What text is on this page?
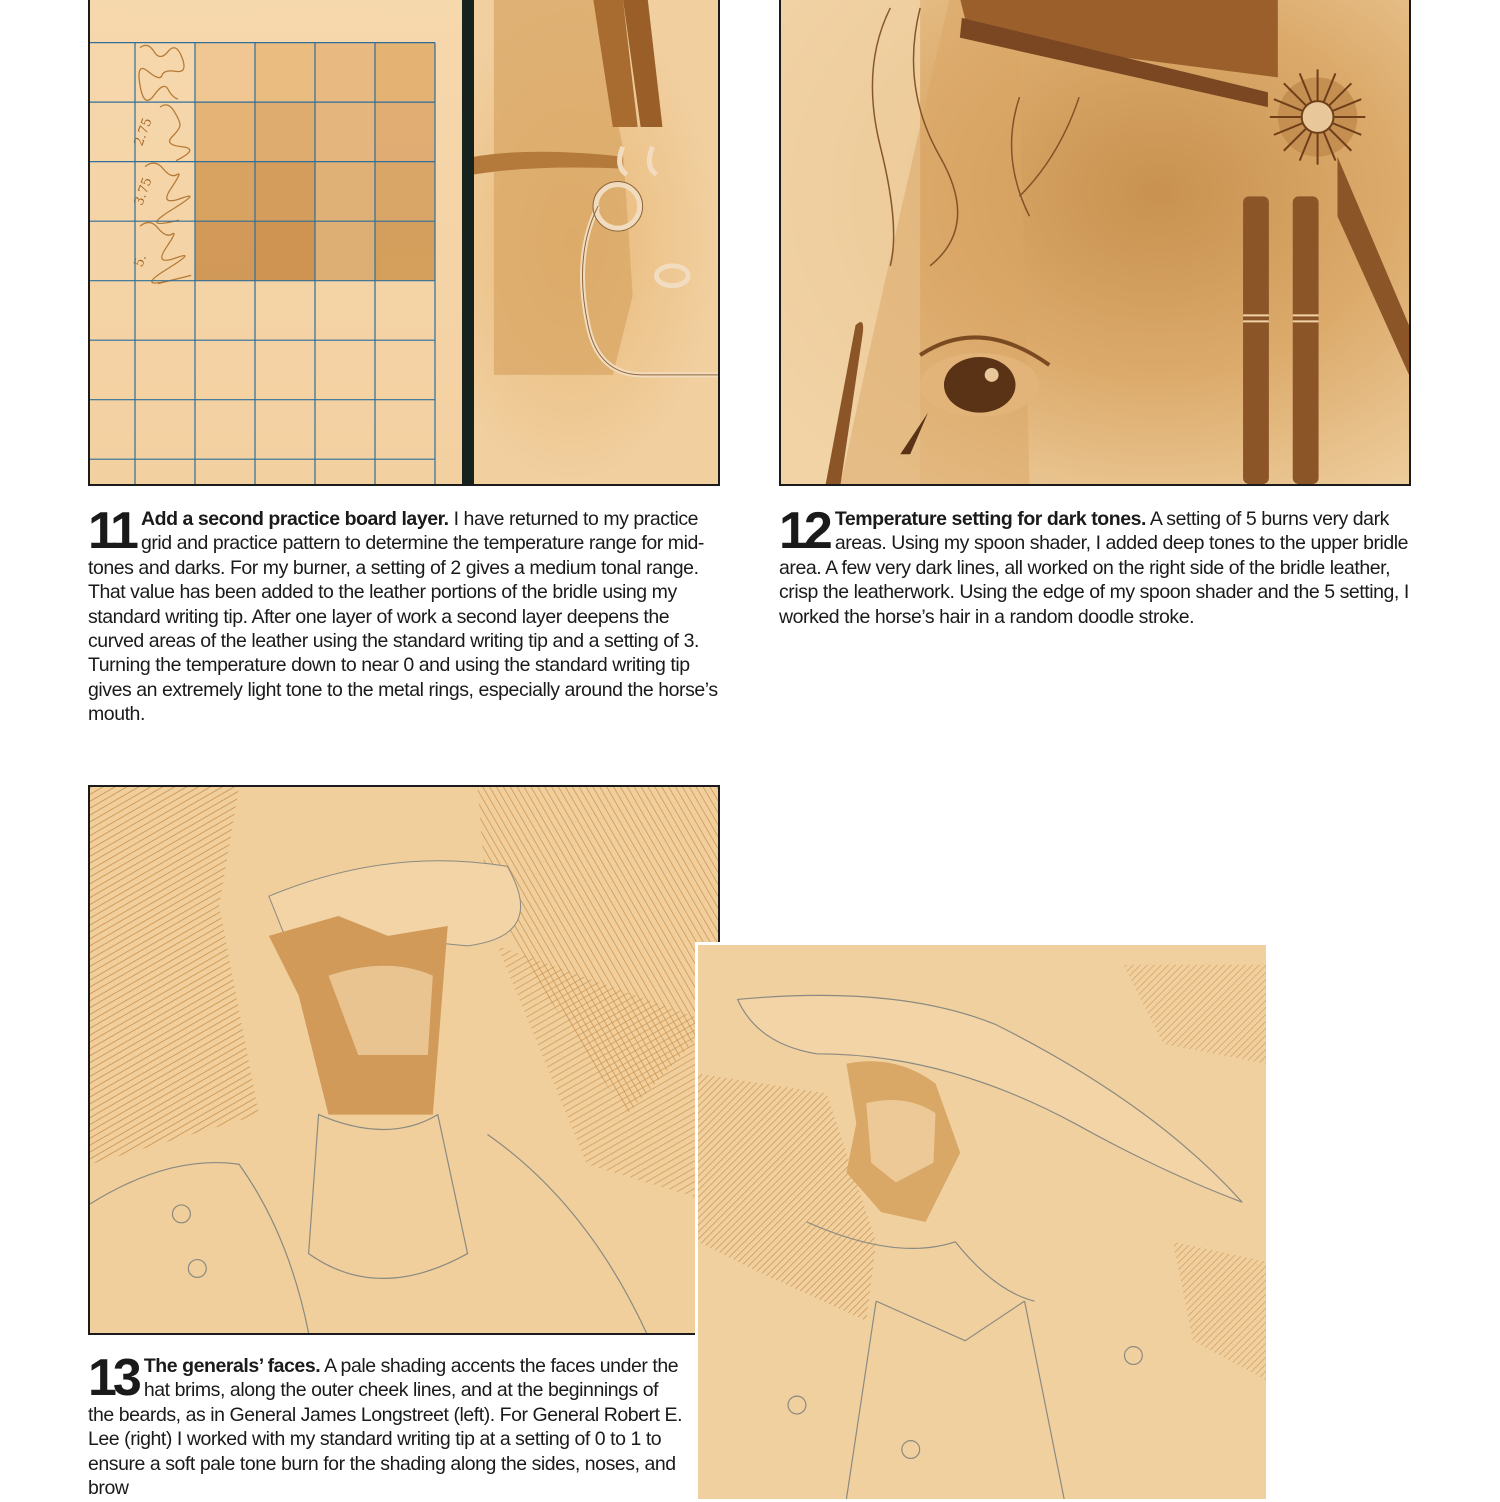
2.75
3.75
5.
11 Add a second practice board layer. I have returned to my practice grid and practice pattern to determine the temperature range for mid-tones and darks. For my burner, a setting of 2 gives a medium tonal range. That value has been added to the leather portions of the bridle using my standard writing tip. After one layer of work a second layer deepens the curved areas of the leather using the standard writing tip and a setting of 3. Turning the temperature down to near 0 and using the standard writing tip gives an extremely light tone to the metal rings, especially around the horse’s mouth.
12 Temperature setting for dark tones. A setting of 5 burns very dark areas. Using my spoon shader, I added deep tones to the upper bridle area. A few very dark lines, all worked on the right side of the bridle leather, crisp the leatherwork. Using the edge of my spoon shader and the 5 setting, I worked the horse’s hair in a random doodle stroke.
13 The generals’ faces. A pale shading accents the faces under the hat brims, along the outer cheek lines, and at the beginnings of the beards, as in General James Longstreet (left). For General Robert E. Lee (right) I worked with my standard writing tip at a setting of 0 to 1 to ensure a soft pale tone burn for the shading along the sides, noses, and brow
